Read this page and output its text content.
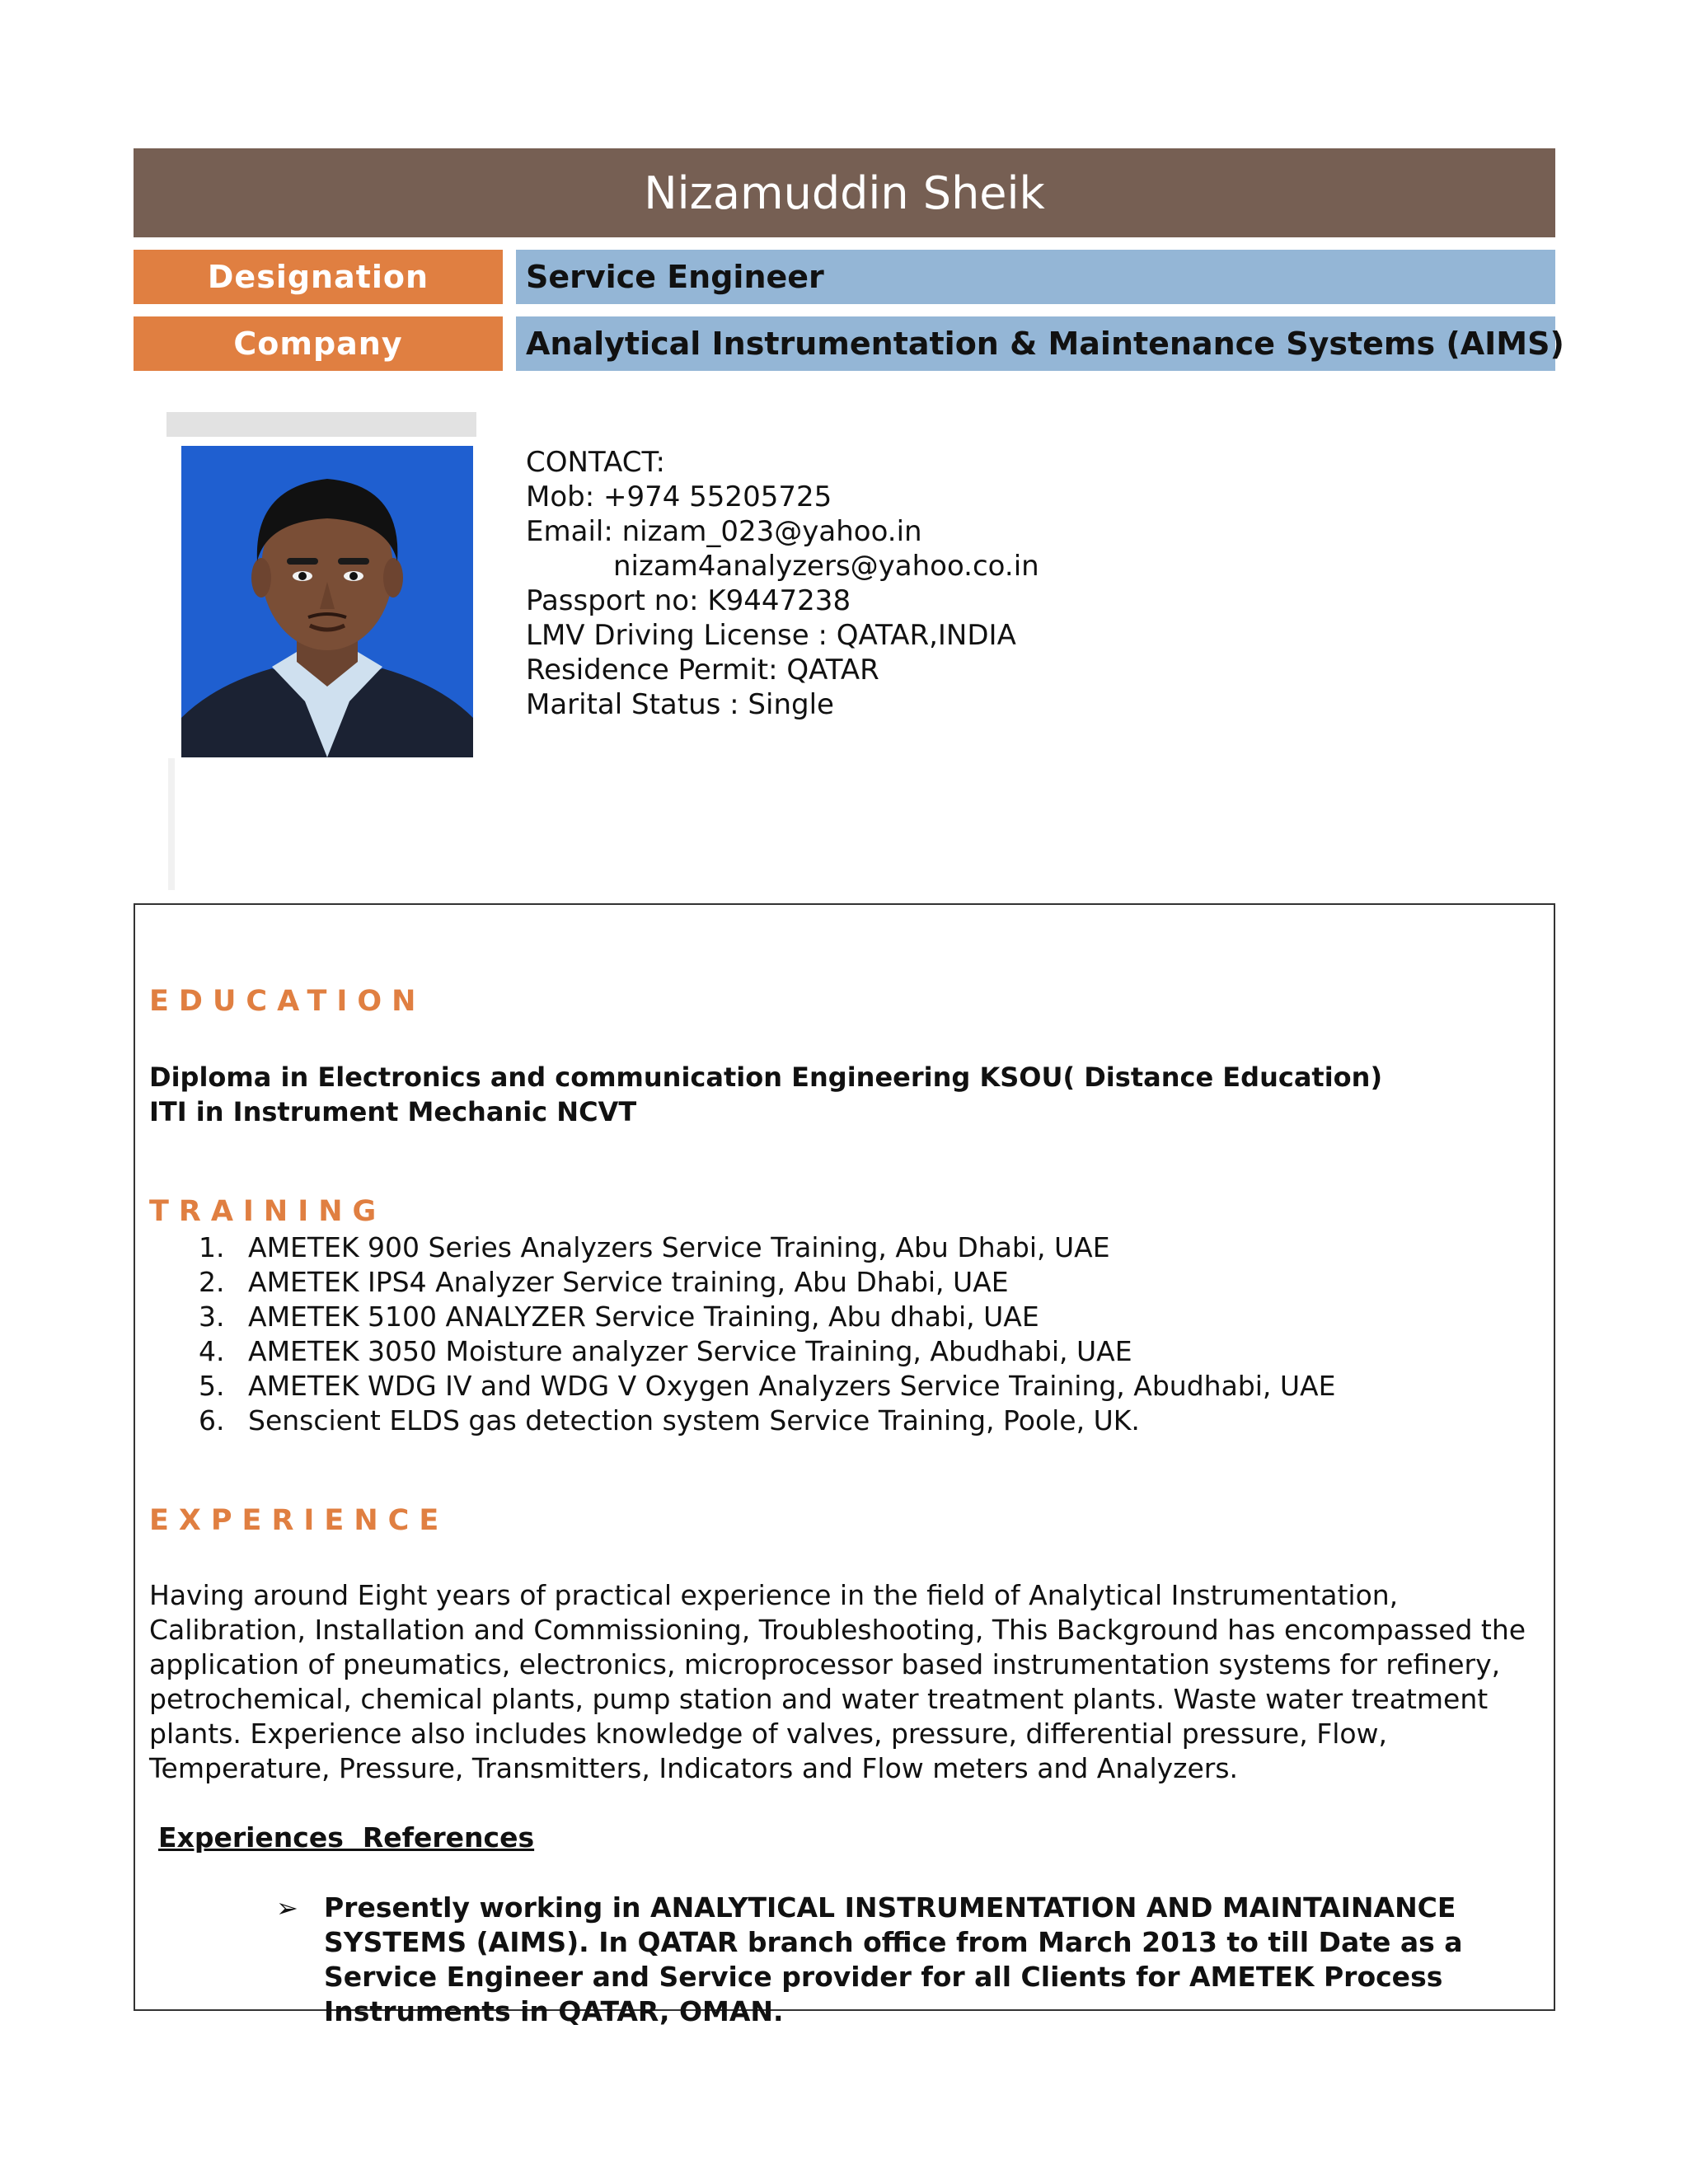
Nizamuddin Sheik
Designation	Service Engineer
Company	Analytical Instrumentation & Maintenance Systems (AIMS)
CONTACT:
Mob: +974 55205725
Email: nizam_023@yahoo.in
nizam4analyzers@yahoo.co.in
Passport no: K9447238
LMV Driving License : QATAR,INDIA
Residence Permit: QATAR
Marital Status : Single
EDUCATION
Diploma in Electronics and communication Engineering KSOU( Distance Education)
ITI in Instrument Mechanic NCVT
TRAINING
1. AMETEK 900 Series Analyzers Service Training, Abu Dhabi, UAE
2. AMETEK IPS4 Analyzer Service training, Abu Dhabi, UAE
3. AMETEK 5100 ANALYZER Service Training, Abu dhabi, UAE
4. AMETEK 3050 Moisture analyzer Service Training, Abudhabi, UAE
5. AMETEK WDG IV and WDG V Oxygen Analyzers Service Training, Abudhabi, UAE
6. Senscient ELDS gas detection system Service Training, Poole, UK.
EXPERIENCE

Having around Eight years of practical experience in the field of Analytical Instrumentation, Calibration, Installation and Commissioning, Troubleshooting, This Background has encompassed the application of pneumatics, electronics, microprocessor based instrumentation systems for refinery, petrochemical, chemical plants, pump station and water treatment plants. Waste water treatment plants. Experience also includes knowledge of valves, pressure, differential pressure, Flow, Temperature, Pressure, Transmitters, Indicators and Flow meters and Analyzers.

Experiences  References
➢ Presently working in ANALYTICAL INSTRUMENTATION AND MAINTAINANCE SYSTEMS (AIMS). In QATAR branch office from March 2013 to till Date as a Service Engineer and Service provider for all Clients for AMETEK Process Instruments in QATAR, OMAN.
